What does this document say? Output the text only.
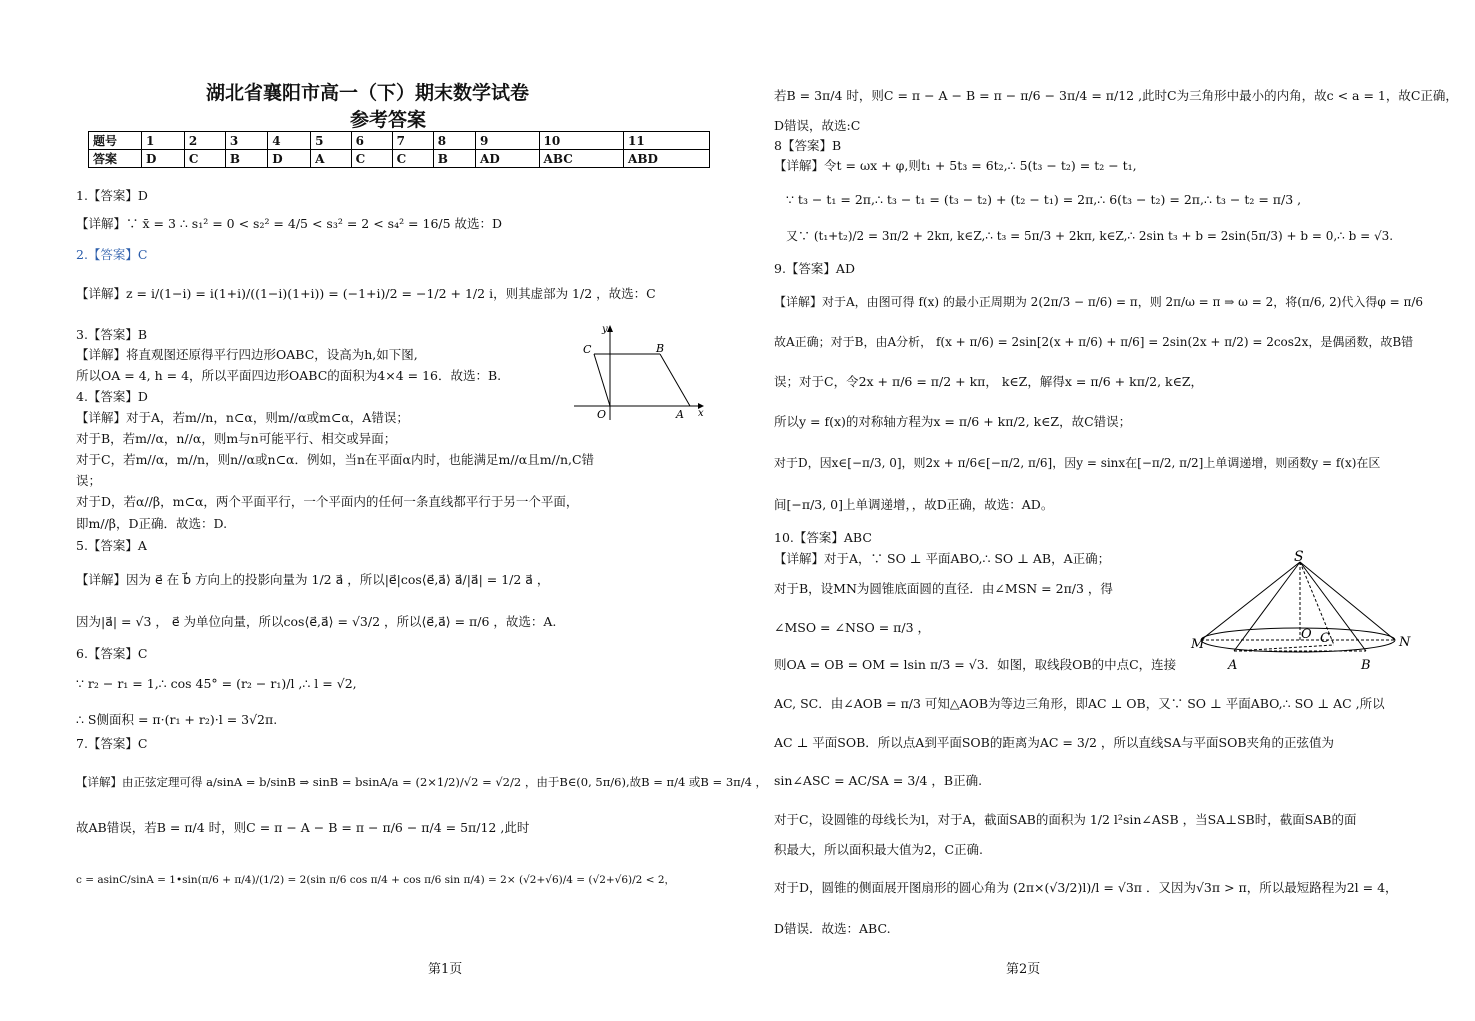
湖北省襄阳市高一（下）期末数学试卷
参考答案
题号	1	2	3	4	5	6	7	8	9	10	11
答案	D	C	B	D	A	C	C	B	AD	ABC	ABD
1.【答案】D
【详解】∵ x̄ = 3 ∴ s₁² = 0 < s₂² = 4/5 < s₃² = 2 < s₄² = 16/5 故选：D
2.【答案】C
【详解】z = i/(1−i) = i(1+i)/((1−i)(1+i)) = (−1+i)/2 = −1/2 + 1/2 i，则其虚部为 1/2 ，故选：C
3.【答案】B
【详解】将直观图还原得平行四边形OABC，设高为h,如下图,
所以OA = 4, h = 4，所以平面四边形OABC的面积为4×4 = 16．故选：B.
4.【答案】D
【详解】对于A，若m//n，n⊂α，则m//α或m⊂α，A错误；
对于B，若m//α，n//α，则m与n可能平行、相交或异面；
对于C，若m//α，m//n，则n//α或n⊂α．例如，当n在平面α内时，也能满足m//α且m//n,C错
误；
对于D，若α//β，m⊂α，两个平面平行，一个平面内的任何一条直线都平行于另一个平面，
即m//β，D正确．故选：D.
5.【答案】A
【详解】因为 e⃗ 在 b⃗ 方向上的投影向量为 1/2 a⃗ ，所以|e⃗|cos⟨e⃗,a⃗⟩ a⃗/|a⃗| = 1/2 a⃗ ，
因为|a⃗| = √3 ， e⃗ 为单位向量，所以cos⟨e⃗,a⃗⟩ = √3/2 ，所以⟨e⃗,a⃗⟩ = π/6 ，故选：A.
6.【答案】C
∵ r₂ − r₁ = 1,∴ cos 45° = (r₂ − r₁)/l ,∴ l = √2,
∴ S侧面积 = π·(r₁ + r₂)·l = 3√2π.
7.【答案】C
【详解】由正弦定理可得 a/sinA = b/sinB ⇒ sinB = bsinA/a = (2×1/2)/√2 = √2/2 ，由于B∈(0, 5π/6),故B = π/4 或B = 3π/4 ，
故AB错误，若B = π/4 时，则C = π − A − B = π − π/6 − π/4 = 5π/12 ,此时
c = asinC/sinA = 1•sin(π/6 + π/4)/(1/2) = 2(sin π/6 cos π/4 + cos π/6 sin π/4) = 2× (√2+√6)/4 = (√2+√6)/2 < 2，
C	B
O	A x
y
第1页
若B = 3π/4 时，则C = π − A − B = π − π/6 − 3π/4 = π/12 ,此时C为三角形中最小的内角，故c < a = 1，故C正确，
D错误，故选:C
8【答案】B
【详解】令t = ωx + φ,则t₁ + 5t₃ = 6t₂,∴ 5(t₃ − t₂) = t₂ − t₁,
∵ t₃ − t₁ = 2π,∴ t₃ − t₁ = (t₃ − t₂) + (t₂ − t₁) = 2π,∴ 6(t₃ − t₂) = 2π,∴ t₃ − t₂ = π/3 ,
又∵ (t₁+t₂)/2 = 3π/2 + 2kπ, k∈Z,∴ t₃ = 5π/3 + 2kπ, k∈Z,∴ 2sin t₃ + b = 2sin(5π/3) + b = 0,∴ b = √3.
9.【答案】AD
【详解】对于A，由图可得 f(x) 的最小正周期为 2(2π/3 − π/6) = π，则 2π/ω = π ⇒ ω = 2，将(π/6, 2)代入得φ = π/6
故A正确；对于B，由A分析， f(x + π/6) = 2sin[2(x + π/6) + π/6] = 2sin(2x + π/2) = 2cos2x，是偶函数，故B错
误；对于C，令2x + π/6 = π/2 + kπ， k∈Z，解得x = π/6 + kπ/2, k∈Z，
所以y = f(x)的对称轴方程为x = π/6 + kπ/2, k∈Z，故C错误；
对于D，因x∈[−π/3, 0]，则2x + π/6∈[−π/2, π/6]，因y = sinx在[−π/2, π/2]上单调递增，则函数y = f(x)在区
间[−π/3, 0]上单调递增，，故D正确，故选：AD。
10.【答案】ABC
【详解】对于A，∵ SO ⊥ 平面ABO,∴ SO ⊥ AB，A正确；
对于B，设MN为圆锥底面圆的直径．由∠MSN = 2π/3 ，得
∠MSO = ∠NSO = π/3 ，
则OA = OB = OM = lsin π/3 = √3．如图，取线段OB的中点C，连接
AC, SC．由∠AOB = π/3 可知△AOB为等边三角形，即AC ⊥ OB，又∵ SO ⊥ 平面ABO,∴ SO ⊥ AC ,所以
AC ⊥ 平面SOB．所以点A到平面SOB的距离为AC = 3/2 ，所以直线SA与平面SOB夹角的正弦值为
sin∠ASC = AC/SA = 3/4 ，B正确.
对于C，设圆锥的母线长为l，对于A，截面SAB的面积为 1/2 l²sin∠ASB ，当SA⊥SB时，截面SAB的面
积最大，所以面积最大值为2，C正确.
对于D，圆锥的侧面展开图扇形的圆心角为 (2π×(√3/2)l)/l = √3π ．又因为√3π > π，所以最短路程为2l = 4，
D错误．故选：ABC.
S
M	N
O C
A	B
第2页
